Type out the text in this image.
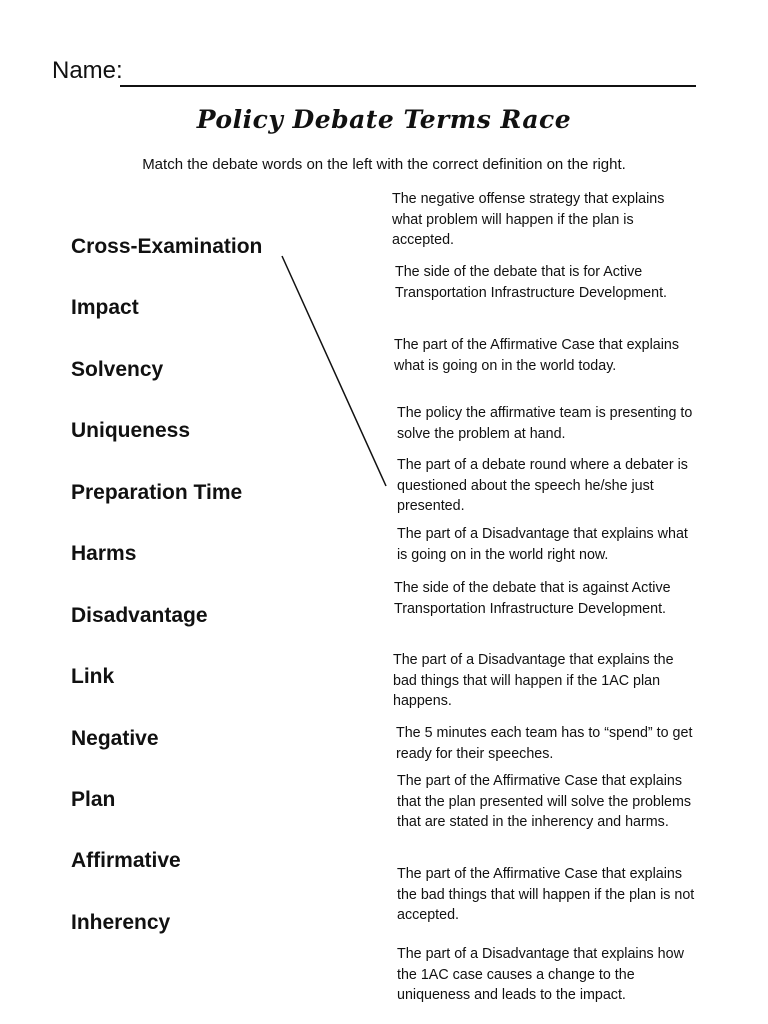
Name:
Policy Debate Terms Race
Match the debate words on the left with the correct definition on the right.
Cross-Examination
Impact
Solvency
Uniqueness
Preparation Time
Harms
Disadvantage
Link
Negative
Plan
Affirmative
Inherency
The negative offense strategy that explains what problem will happen if the plan is accepted.
The side of the debate that is for Active Transportation Infrastructure Development.
The part of the Affirmative Case that explains what is going on in the world today.
The policy the affirmative team is presenting to solve the problem at hand.
The part of a debate round where a debater is questioned about the speech he/she just presented.
The part of a Disadvantage that explains what is going on in the world right now.
The side of the debate that is against Active Transportation Infrastructure Development.
The part of a Disadvantage that explains the bad things that will happen if the 1AC plan happens.
The 5 minutes each team has to “spend” to get ready for their speeches.
The part of the Affirmative Case that explains that the plan presented will solve the problems that are stated in the inherency and harms.
The part of the Affirmative Case that explains the bad things that will happen if the plan is not accepted.
The part of a Disadvantage that explains how the 1AC case causes a change to the uniqueness and leads to the impact.
